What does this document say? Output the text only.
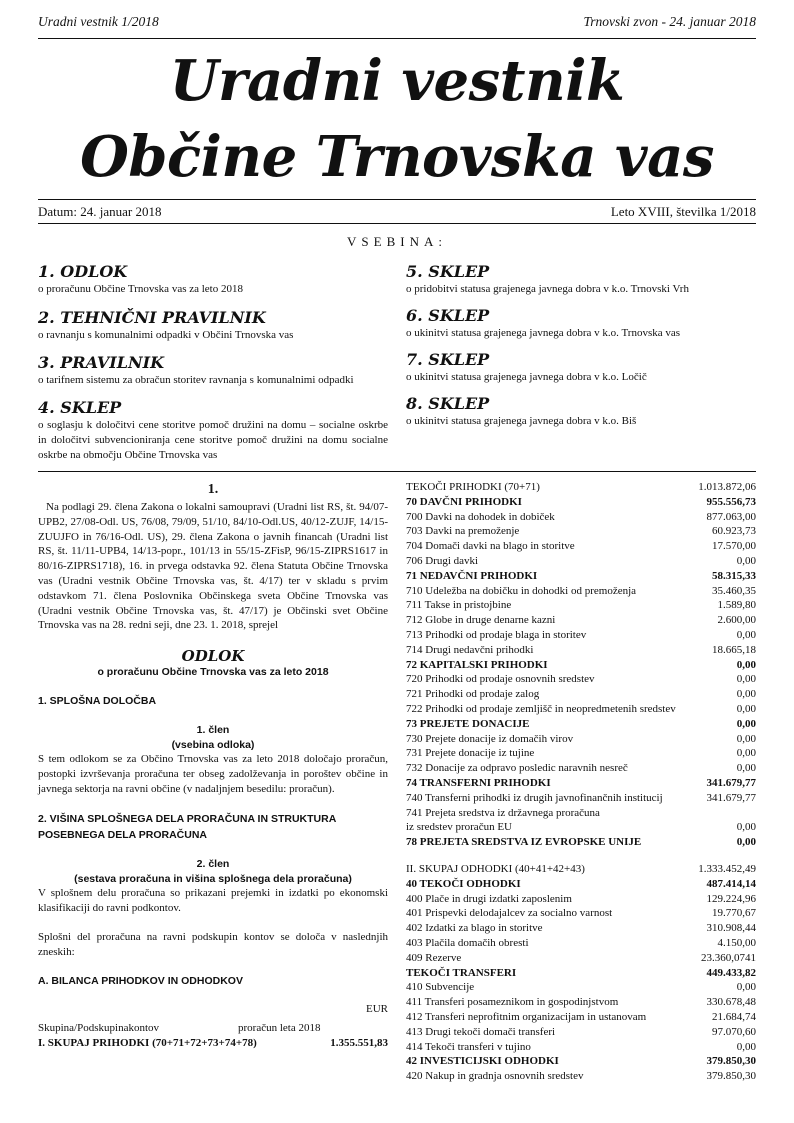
Uradni vestnik 1/2018	Trnovski zvon - 24. januar 2018
Uradni vestnik
Občine Trnovska vas
Datum: 24. januar 2018	Leto XVIII, številka 1/2018
VSEBINA:
1. ODLOK
o proračunu Občine Trnovska vas za leto 2018
2. TEHNIČNI PRAVILNIK
o ravnanju s komunalnimi odpadki v Občini Trnovska vas
3. PRAVILNIK
o tarifnem sistemu za obračun storitev ravnanja s komunalnimi odpadki
4. SKLEP
o soglasju k določitvi cene storitve pomoč družini na domu – socialne oskrbe in določitvi subvencioniranja cene storitve pomoč družini na domu socialne oskrbe na območju Občine Trnovska vas
5. SKLEP
o pridobitvi statusa grajenega javnega dobra v k.o. Trnovski Vrh
6. SKLEP
o ukinitvi statusa grajenega javnega dobra v k.o. Trnovska vas
7. SKLEP
o ukinitvi statusa grajenega javnega dobra v k.o. Ločič
8. SKLEP
o ukinitvi statusa grajenega javnega dobra v k.o. Biš
1.

Na podlagi 29. člena Zakona o lokalni samoupravi (Uradni list RS, št. 94/07-UPB2, 27/08-Odl. US, 76/08, 79/09, 51/10, 84/10-Odl.US, 40/12-ZUJF, 14/15-ZUUJFO in 76/16-Odl. US), 29. člena Zakona o javnih financah (Uradni list RS, št. 11/11-UPB4, 14/13-popr., 101/13 in 55/15-ZFisP, 96/15-ZIPRS1617 in 80/16-ZIPRS1718), 16. in prvega odstavka 92. člena Statuta Občine Trnovska vas (Uradni vestnik Občine Trnovska vas, št. 4/17) ter v skladu s prvim odstavkom 71. člena Poslovnika Občinskega sveta Občine Trnovska vas (Uradni vestnik Občine Trnovska vas, št. 47/17) je Občinski svet Občine Trnovska vas na 28. redni seji, dne 23. 1. 2018, sprejel

ODLOK
o proračunu Občine Trnovska vas za leto 2018
1. SPLOŠNA DOLOČBA
1. člen
(vsebina odloka)

S tem odlokom se za Občino Trnovska vas za leto 2018 določajo proračun, postopki izvrševanja proračuna ter obseg zadolževanja in poroštev občine in javnega sektorja na ravni občine (v nadaljnjem besedilu: proračun).

2. VIŠINA SPLOŠNEGA DELA PRORAČUNA IN STRUKTURA POSEBNEGA DELA PRORAČUNA
2. člen
(sestava proračuna in višina splošnega dela proračuna)

V splošnem delu proračuna so prikazani prejemki in izdatki po ekonomski klasifikaciji do ravni podkontov.

Splošni del proračuna na ravni podskupin kontov se določa v naslednjih zneskih:

A. BILANCA PRIHODKOV IN ODHODKOV
EUR
Skupina/Podskupinakontov	proračun leta 2018
I. SKUPAJ PRIHODKI (70+71+72+73+74+78)	1.355.551,83
TEKOČI PRIHODKI (70+71)	1.013.872,06
70 DAVČNI PRIHODKI	955.556,73
700 Davki na dohodek in dobiček	877.063,00
703 Davki na premoženje	60.923,73
704 Domači davki na blago in storitve	17.570,00
706 Drugi davki	0,00
71 NEDAVČNI PRIHODKI	58.315,33
710 Udeležba na dobičku in dohodki od premoženja	35.460,35
711 Takse in pristojbine	1.589,80
712 Globe in druge denarne kazni	2.600,00
713 Prihodki od prodaje blaga in storitev	0,00
714 Drugi nedavčni prihodki	18.665,18
72 KAPITALSKI PRIHODKI	0,00
720 Prihodki od prodaje osnovnih sredstev	0,00
721 Prihodki od prodaje zalog	0,00
722 Prihodki od prodaje zemljišč in neopredmetenih sredstev	0,00
73 PREJETE DONACIJE	0,00
730 Prejete donacije iz domačih virov	0,00
731 Prejete donacije iz tujine	0,00
732 Donacije za odpravo posledic naravnih nesreč	0,00
74 TRANSFERNI PRIHODKI	341.679,77
740 Transferni prihodki iz drugih javnofinančnih institucij	341.679,77
741 Prejeta sredstva iz državnega proračuna
iz sredstev proračun EU	0,00
78 PREJETA SREDSTVA IZ EVROPSKE UNIJE	0,00
II. SKUPAJ ODHODKI (40+41+42+43)	1.333.452,49
40 TEKOČI ODHODKI	487.414,14
400 Plače in drugi izdatki zaposlenim	129.224,96
401 Prispevki delodajalcev za socialno varnost	19.770,67
402 Izdatki za blago in storitve	310.908,44
403 Plačila domačih obresti	4.150,00
409 Rezerve	23.360,0741
TEKOČI TRANSFERI	449.433,82
410 Subvencije	0,00
411 Transferi posameznikom in gospodinjstvom	330.678,48
412 Transferi neprofitnim organizacijam in ustanovam	21.684,74
413 Drugi tekoči domači transferi	97.070,60
414 Tekoči transferi v tujino	0,00
42 INVESTICIJSKI ODHODKI	379.850,30
420 Nakup in gradnja osnovnih sredstev	379.850,30
